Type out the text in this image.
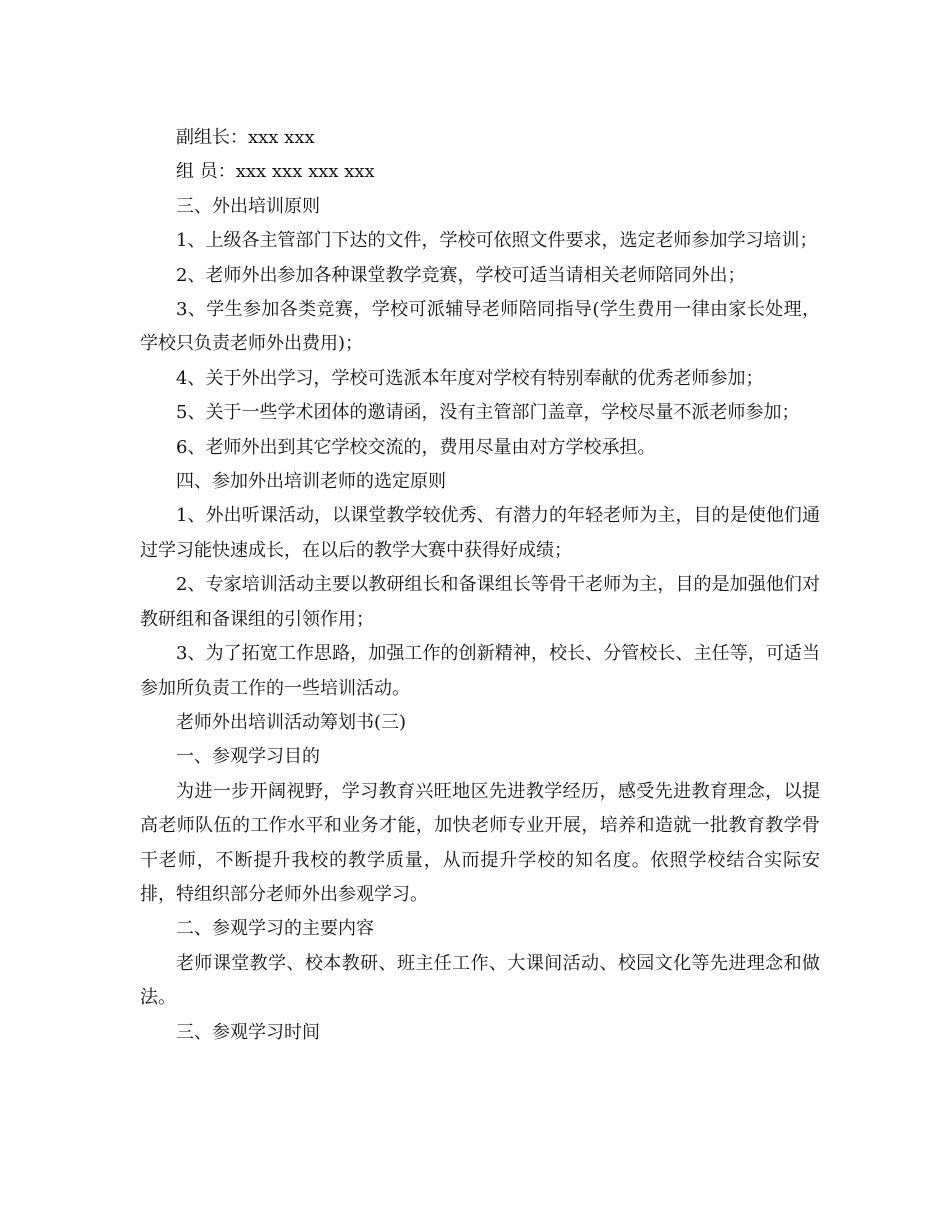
副组长：xxx xxx

组 员：xxx xxx xxx xxx

三、外出培训原则

1、上级各主管部门下达的文件，学校可依照文件要求，选定老师参加学习培训；

2、老师外出参加各种课堂教学竞赛，学校可适当请相关老师陪同外出；

3、学生参加各类竞赛，学校可派辅导老师陪同指导(学生费用一律由家长处理，学校只负责老师外出费用)；

4、关于外出学习，学校可选派本年度对学校有特别奉献的优秀老师参加；

5、关于一些学术团体的邀请函，没有主管部门盖章，学校尽量不派老师参加；

6、老师外出到其它学校交流的，费用尽量由对方学校承担。

四、参加外出培训老师的选定原则

1、外出听课活动，以课堂教学较优秀、有潜力的年轻老师为主，目的是使他们通过学习能快速成长，在以后的教学大赛中获得好成绩；

2、专家培训活动主要以教研组长和备课组长等骨干老师为主，目的是加强他们对教研组和备课组的引领作用；

3、为了拓宽工作思路，加强工作的创新精神，校长、分管校长、主任等，可适当参加所负责工作的一些培训活动。

老师外出培训活动筹划书(三)

一、参观学习目的

为进一步开阔视野，学习教育兴旺地区先进教学经历，感受先进教育理念，以提高老师队伍的工作水平和业务才能，加快老师专业开展，培养和造就一批教育教学骨干老师，不断提升我校的教学质量，从而提升学校的知名度。依照学校结合实际安排，特组织部分老师外出参观学习。

二、参观学习的主要内容

老师课堂教学、校本教研、班主任工作、大课间活动、校园文化等先进理念和做法。

三、参观学习时间
